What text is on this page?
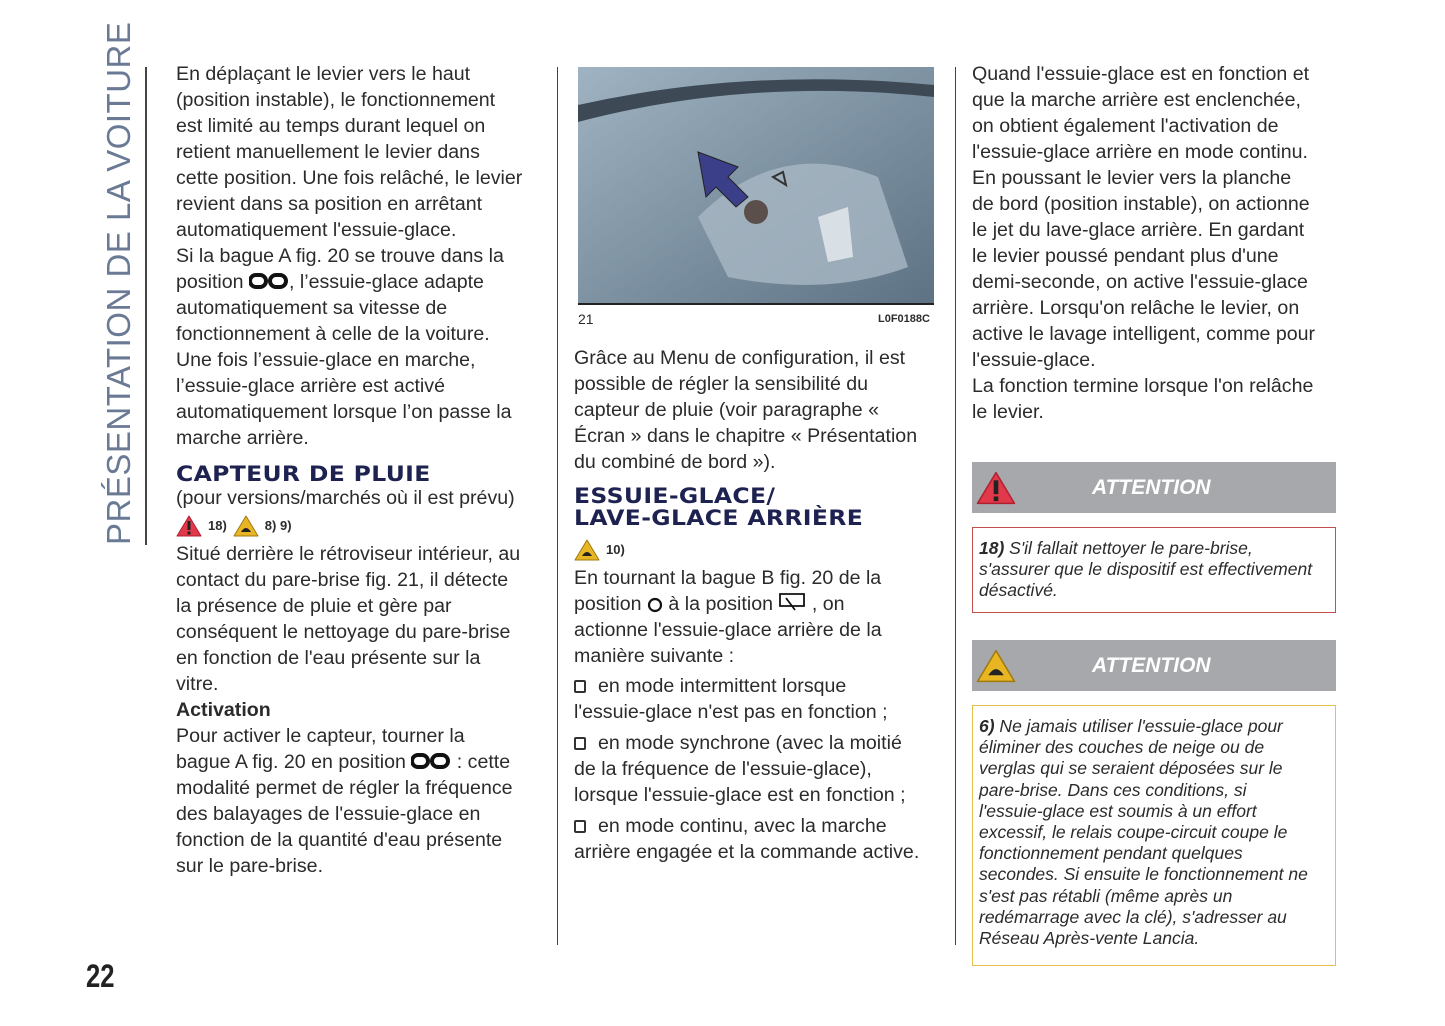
PRÉSENTATION DE LA VOITURE En déplaçant le levier vers le haut
(position instable), le fonctionnement
est limité au temps durant lequel on
retient manuellement le levier dans
cette position. Une fois relâché, le levier
revient dans sa position en arrêtant
automatiquement l'essuie-glace.
Si la bague A fig. 20 se trouve dans la
position , l’essuie-glace adapte
automatiquement sa vitesse de
fonctionnement à celle de la voiture.
Une fois l’essuie-glace en marche,
l’essuie-glace arrière est activé
automatiquement lorsque l’on passe la
marche arrière.
CAPTEUR DE PLUIE
(pour versions/marchés où il est prévu)
18)	8) 9)
Situé derrière le rétroviseur intérieur, au
contact du pare-brise fig. 21, il détecte
la présence de pluie et gère par
conséquent le nettoyage du pare-brise
en fonction de l'eau présente sur la
vitre.
Activation
Pour activer le capteur, tourner la
bague A fig. 20 en position  : cette
modalité permet de régler la fréquence
des balayages de l'essuie-glace en
fonction de la quantité d'eau présente
sur le pare-brise.
21	L0F0188C
Grâce au Menu de configuration, il est
possible de régler la sensibilité du
capteur de pluie (voir paragraphe «
Écran » dans le chapitre « Présentation
du combiné de bord »).
ESSUIE-GLACE/
LAVE-GLACE ARRIÈRE
10)
En tournant la bague B fig. 20 de la
position  à la position  , on
actionne l'essuie-glace arrière de la
manière suivante :
en mode intermittent lorsque
l'essuie-glace n'est pas en fonction ;
en mode synchrone (avec la moitié
de la fréquence de l'essuie-glace),
lorsque l'essuie-glace est en fonction ;
en mode continu, avec la marche
arrière engagée et la commande active.
Quand l'essuie-glace est en fonction et
que la marche arrière est enclenchée,
on obtient également l'activation de
l'essuie-glace arrière en mode continu.
En poussant le levier vers la planche
de bord (position instable), on actionne
le jet du lave-glace arrière. En gardant
le levier poussé pendant plus d'une
demi-seconde, on active l'essuie-glace
arrière. Lorsqu'on relâche le levier, on
active le lavage intelligent, comme pour
l'essuie-glace.
La fonction termine lorsque l'on relâche
le levier.
ATTENTION
18) S'il fallait nettoyer le pare-brise,
s'assurer que le dispositif est effectivement
désactivé.
ATTENTION
6) Ne jamais utiliser l'essuie-glace pour
éliminer des couches de neige ou de
verglas qui se seraient déposées sur le
pare-brise. Dans ces conditions, si
l'essuie-glace est soumis à un effort
excessif, le relais coupe-circuit coupe le
fonctionnement pendant quelques
secondes. Si ensuite le fonctionnement ne
s'est pas rétabli (même après un
redémarrage avec la clé), s'adresser au
Réseau Après-vente Lancia.
22
